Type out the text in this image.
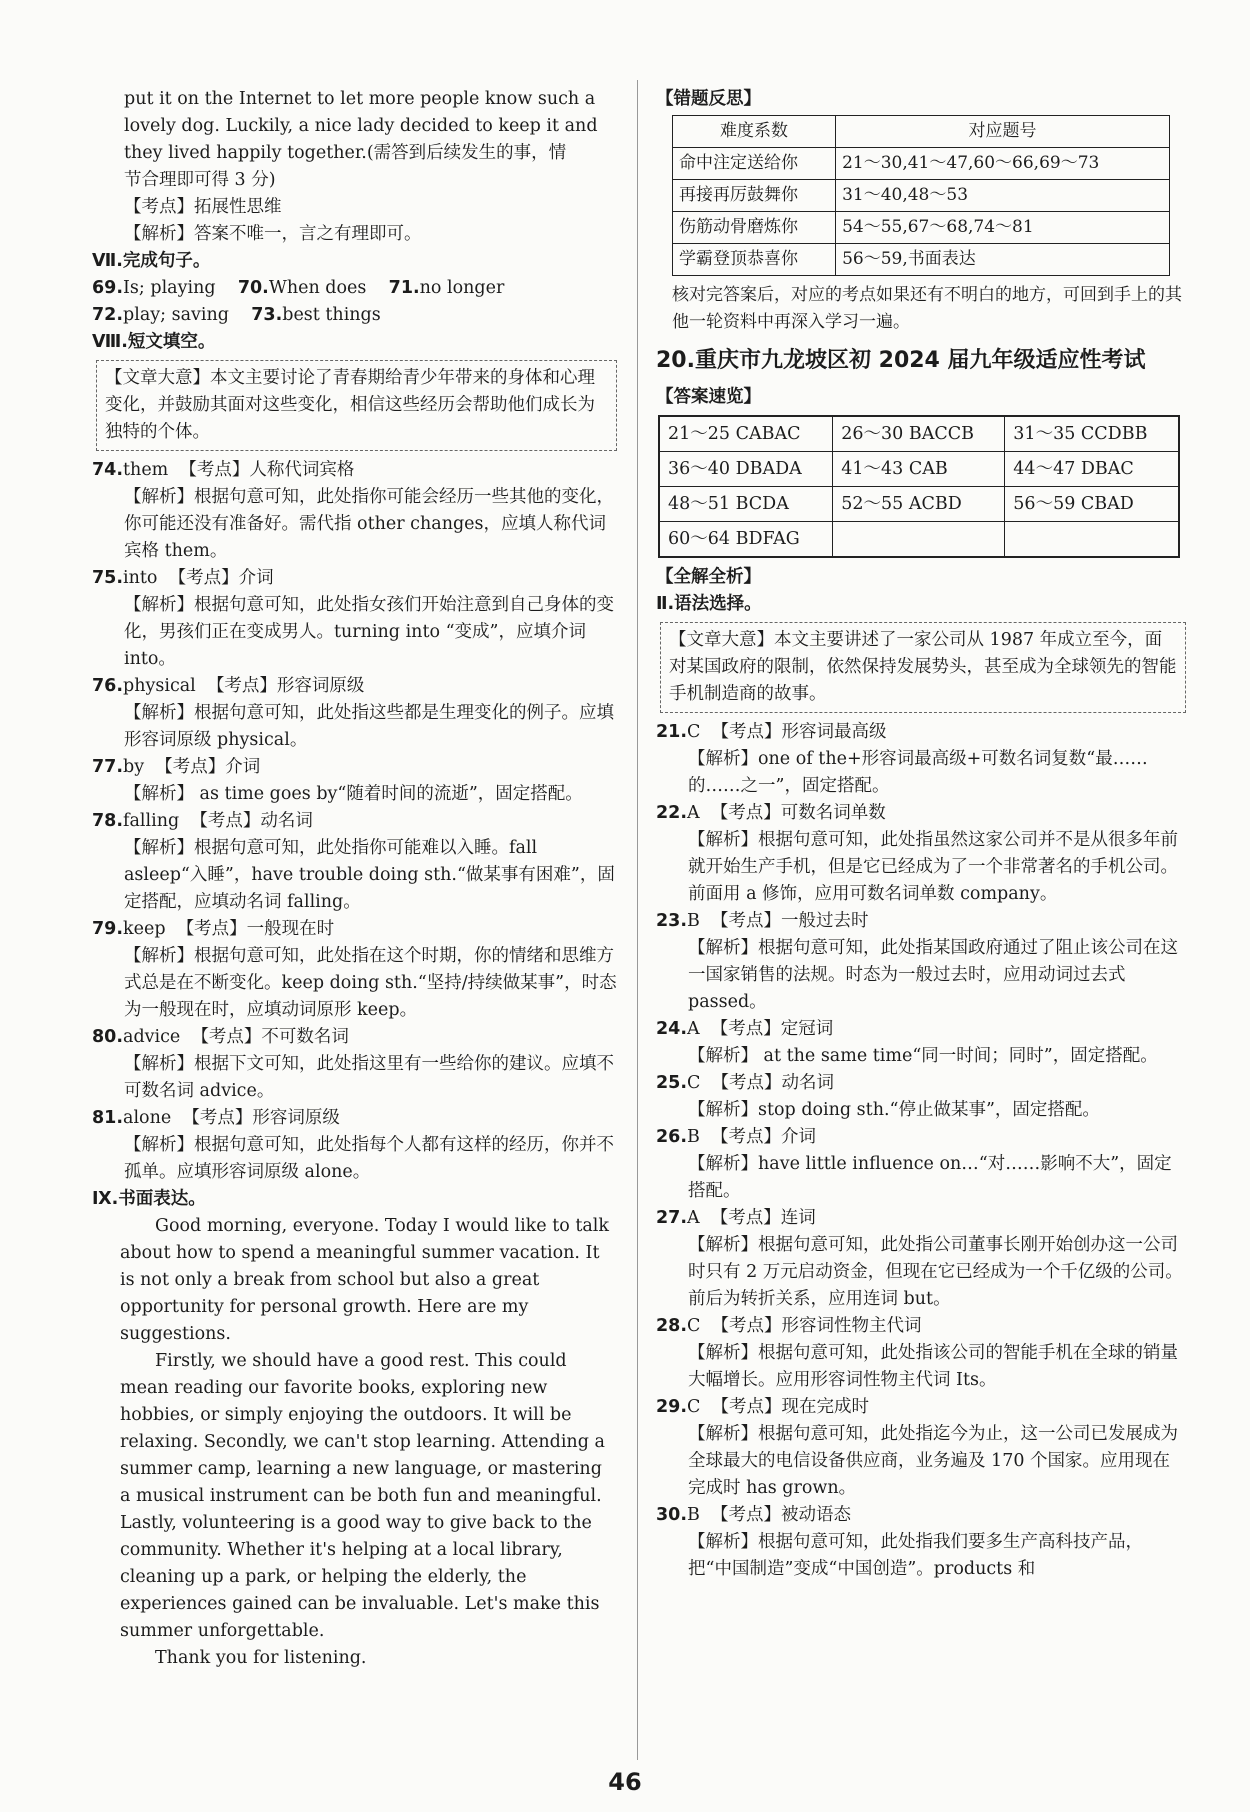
put it on the Internet to let more people know such a

lovely dog. Luckily, a nice lady decided to keep it and

they lived happily together.(需答到后续发生的事，情

节合理即可得 3 分)

【考点】拓展性思维

【解析】答案不唯一，言之有理即可。

Ⅶ.完成句子。

69.Is; playing 70.When does 71.no longer

72.play; saving 73.best things

Ⅷ.短文填空。

【文章大意】本文主要讨论了青春期给青少年带来的身体和心理变化，并鼓励其面对这些变化，相信这些经历会帮助他们成长为独特的个体。

74.them 【考点】人称代词宾格

【解析】根据句意可知，此处指你可能会经历一些其他的变化，你可能还没有准备好。需代指 other changes，应填人称代词宾格 them。

75.into 【考点】介词

【解析】根据句意可知，此处指女孩们开始注意到自己身体的变化，男孩们正在变成男人。turning into “变成”，应填介词 into。

76.physical 【考点】形容词原级

【解析】根据句意可知，此处指这些都是生理变化的例子。应填形容词原级 physical。

77.by 【考点】介词

【解析】 as time goes by“随着时间的流逝”，固定搭配。

78.falling 【考点】动名词

【解析】根据句意可知，此处指你可能难以入睡。fall asleep“入睡”，have trouble doing sth.“做某事有困难”，固定搭配，应填动名词 falling。

79.keep 【考点】一般现在时

【解析】根据句意可知，此处指在这个时期，你的情绪和思维方式总是在不断变化。keep doing sth.“坚持/持续做某事”，时态为一般现在时，应填动词原形 keep。

80.advice 【考点】不可数名词

【解析】根据下文可知，此处指这里有一些给你的建议。应填不可数名词 advice。

81.alone 【考点】形容词原级

【解析】根据句意可知，此处指每个人都有这样的经历，你并不孤单。应填形容词原级 alone。

Ⅸ.书面表达。

Good morning, everyone. Today I would like to talk about how to spend a meaningful summer vacation. It is not only a break from school but also a great opportunity for personal growth. Here are my suggestions.

Firstly, we should have a good rest. This could mean reading our favorite books, exploring new hobbies, or simply enjoying the outdoors. It will be relaxing. Secondly, we can't stop learning. Attending a summer camp, learning a new language, or mastering a musical instrument can be both fun and meaningful. Lastly, volunteering is a good way to give back to the community. Whether it's helping at a local library, cleaning up a park, or helping the elderly, the experiences gained can be invaluable. Let's make this summer unforgettable.

Thank you for listening.

【错题反思】

难度系数	对应题号
命中注定送给你	21～30,41～47,60～66,69～73
再接再厉鼓舞你	31～40,48～53
伤筋动骨磨炼你	54～55,67～68,74～81
学霸登顶恭喜你	56～59,书面表达

核对完答案后，对应的考点如果还有不明白的地方，可回到手上的其他一轮资料中再深入学习一遍。

20.重庆市九龙坡区初 2024 届九年级适应性考试

【答案速览】

21～25 CABAC	26～30 BACCB	31～35 CCDBB
36～40 DBADA	41～43 CAB	44～47 DBAC
48～51 BCDA	52～55 ACBD	56～59 CBAD
60～64 BDFAG		

【全解全析】

Ⅱ.语法选择。

【文章大意】本文主要讲述了一家公司从 1987 年成立至今，面对某国政府的限制，依然保持发展势头，甚至成为全球领先的智能手机制造商的故事。

21.C 【考点】形容词最高级

【解析】one of the+形容词最高级+可数名词复数“最……的……之一”，固定搭配。

22.A 【考点】可数名词单数

【解析】根据句意可知，此处指虽然这家公司并不是从很多年前就开始生产手机，但是它已经成为了一个非常著名的手机公司。前面用 a 修饰，应用可数名词单数 company。

23.B 【考点】一般过去时

【解析】根据句意可知，此处指某国政府通过了阻止该公司在这一国家销售的法规。时态为一般过去时，应用动词过去式 passed。

24.A 【考点】定冠词

【解析】 at the same time“同一时间；同时”，固定搭配。

25.C 【考点】动名词

【解析】stop doing sth.“停止做某事”，固定搭配。

26.B 【考点】介词

【解析】have little influence on…“对……影响不大”，固定搭配。

27.A 【考点】连词

【解析】根据句意可知，此处指公司董事长刚开始创办这一公司时只有 2 万元启动资金，但现在它已经成为一个千亿级的公司。前后为转折关系，应用连词 but。

28.C 【考点】形容词性物主代词

【解析】根据句意可知，此处指该公司的智能手机在全球的销量大幅增长。应用形容词性物主代词 Its。

29.C 【考点】现在完成时

【解析】根据句意可知，此处指迄今为止，这一公司已发展成为全球最大的电信设备供应商，业务遍及 170 个国家。应用现在完成时 has grown。

30.B 【考点】被动语态

【解析】根据句意可知，此处指我们要多生产高科技产品，把“中国制造”变成“中国创造”。products 和

46
